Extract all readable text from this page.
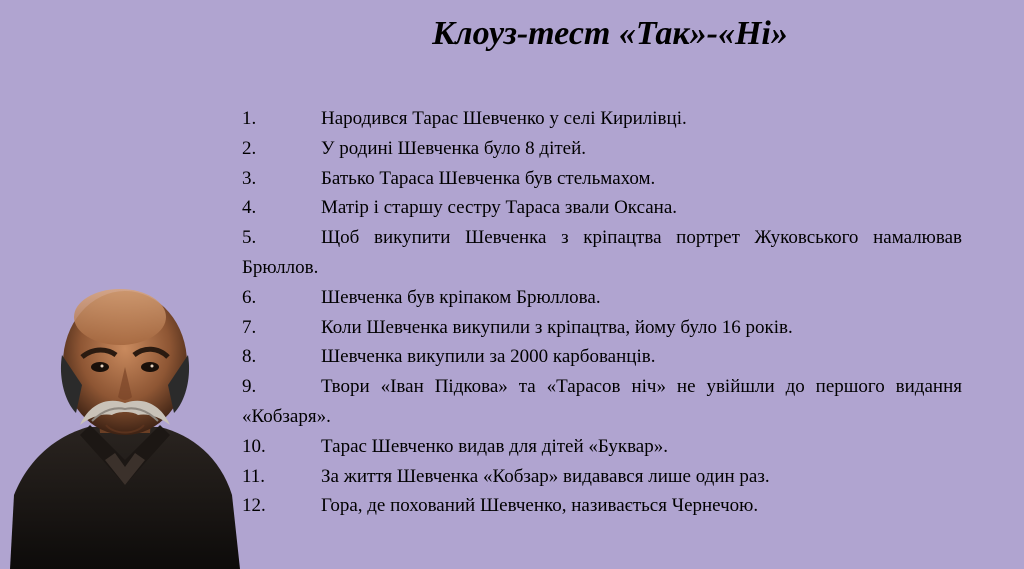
Клоуз-тест «Так»-«Ні»
1.	Народився Тарас Шевченко у селі Кирилівці.
2.	У родині Шевченка було 8 дітей.
3.	Батько Тараса Шевченка був стельмахом.
4.	Матір і старшу сестру Тараса звали Оксана.
5.	Щоб викупити Шевченка з кріпацтва портрет Жуковського намалював Брюллов.
6.	Шевченка був кріпаком Брюллова.
7.	Коли Шевченка викупили з кріпацтва, йому було 16 років.
8.	Шевченка викупили за 2000 карбованців.
9.	Твори «Іван Підкова» та «Тарасов ніч» не увійшли до першого видання «Кобзаря».
10.	Тарас Шевченко видав для дітей «Буквар».
11.	За життя Шевченка «Кобзар» видавався лише один раз.
12.	Гора, де похований Шевченко, називається Чернечою.
